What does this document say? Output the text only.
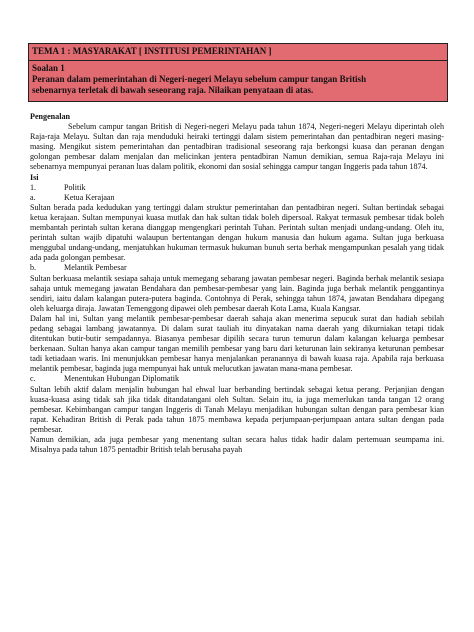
TEMA 1 : MASYARAKAT [ INSTITUSI PEMERINTAHAN ]
Soalan 1
Peranan dalam pemerintahan di Negeri-negeri Melayu sebelum campur tangan British
sebenarnya terletak di bawah seseorang raja. Nilaikan penyataan di atas.

Pengenalan

Sebelum campur tangan British di Negeri-negeri Melayu pada tahun 1874, Negeri-negeri Melayu diperintah oleh Raja-raja Melayu. Sultan dan raja menduduki heiraki tertinggi dalam sistem pemerintahan dan pentadbiran negeri masing-masing. Mengikut sistem pemerintahan dan pentadbiran tradisional seseorang raja berkongsi kuasa dan peranan dengan golongan pembesar dalam menjalan dan melicinkan jentera pentadbiran Namun demikian, semua Raja-raja Melayu ini sebenarnya mempunyai peranan luas dalam politik, ekonomi dan sosial sehingga campur tangan Inggeris pada tahun 1874.

Isi

1.	Politik
a.	Ketua Kerajaan

Sultan berada pada kedudukan yang tertinggi dalam struktur pemerintahan dan pentadbiran negeri. Sultan bertindak sebagai ketua kerajaan. Sultan mempunyai kuasa mutlak dan hak sultan tidak boleh dipersoal. Rakyat termasuk pembesar tidak boleh membantah perintah sultan kerana dianggap mengengkari perintah Tuhan. Perintah sultan menjadi undang-undang. Oleh itu, perintah sultan wajib dipatuhi walaupun bertentangan dengan hukum manusia dan hukum agama. Sultan juga berkuasa menggubal undang-undang, menjatuhkan hukuman termasuk hukuman bunuh serta berhak mengampunkan pesalah yang tidak ada pada golongan pembesar.

b.	Melantik Pembesar

Sultan berkuasa melantik sesiapa sahaja untuk memegang sebarang jawatan pembesar negeri. Baginda berhak melantik sesiapa sahaja untuk memegang jawatan Bendahara dan pembesar-pembesar yang lain. Baginda juga berhak melantik penggantinya sendiri, iaitu dalam kalangan putera-putera baginda. Contohnya di Perak, sehingga tahun 1874, jawatan Bendahara dipegang oleh keluarga diraja. Jawatan Temenggong dipawei oleh pembesar daerah Kota Lama, Kuala Kangsar.

Dalam hal ini, Sultan yang melantik pembesar-pembesar daerah sahaja akan menerima sepucuk surat dan hadiah sebilah pedang sebagai lambang jawatannya. Di dalam surat tauliah itu dinyatakan nama daerah yang dikurniakan tetapi tidak ditentukan butir-butir sempadannya. Biasanya pembesar dipilih secara turun temurun dalam kalangan keluarga pembesar berkenaan. Sultan hanya akan campur tangan memilih pembesar yang baru dari keturunan lain sekiranya keturunan pembesar tadi ketiadaan waris. Ini menunjukkan pembesar hanya menjalankan peranannya di bawah kuasa raja. Apabila raja berkuasa melantik pembesar, baginda juga mempunyai hak untuk melucutkan jawatan mana-mana pembesar.

c.	Menentukan Hubungan Diplomatik

Sultan lebih aktif dalam menjalin hubungan hal ehwal luar berbanding bertindak sebagai ketua perang. Perjanjian dengan kuasa-kuasa asing tidak sah jika tidak ditandatangani oleh Sultan. Selain itu, ia juga memerlukan tanda tangan 12 orang pembesar. Kebimbangan campur tangan Inggeris di Tanah Melayu menjadikan hubungan sultan dengan para pembesar kian rapat. Kehadiran British di Perak pada tahun 1875 membawa kepada perjumpaan-perjumpaan antara sultan dengan pada pembesar.

Namun demikian, ada juga pembesar yang menentang sultan secara halus tidak hadir dalam pertemuan seumpama ini. Misalnya pada tahun 1875 pentadbir British telah berusaha payah
